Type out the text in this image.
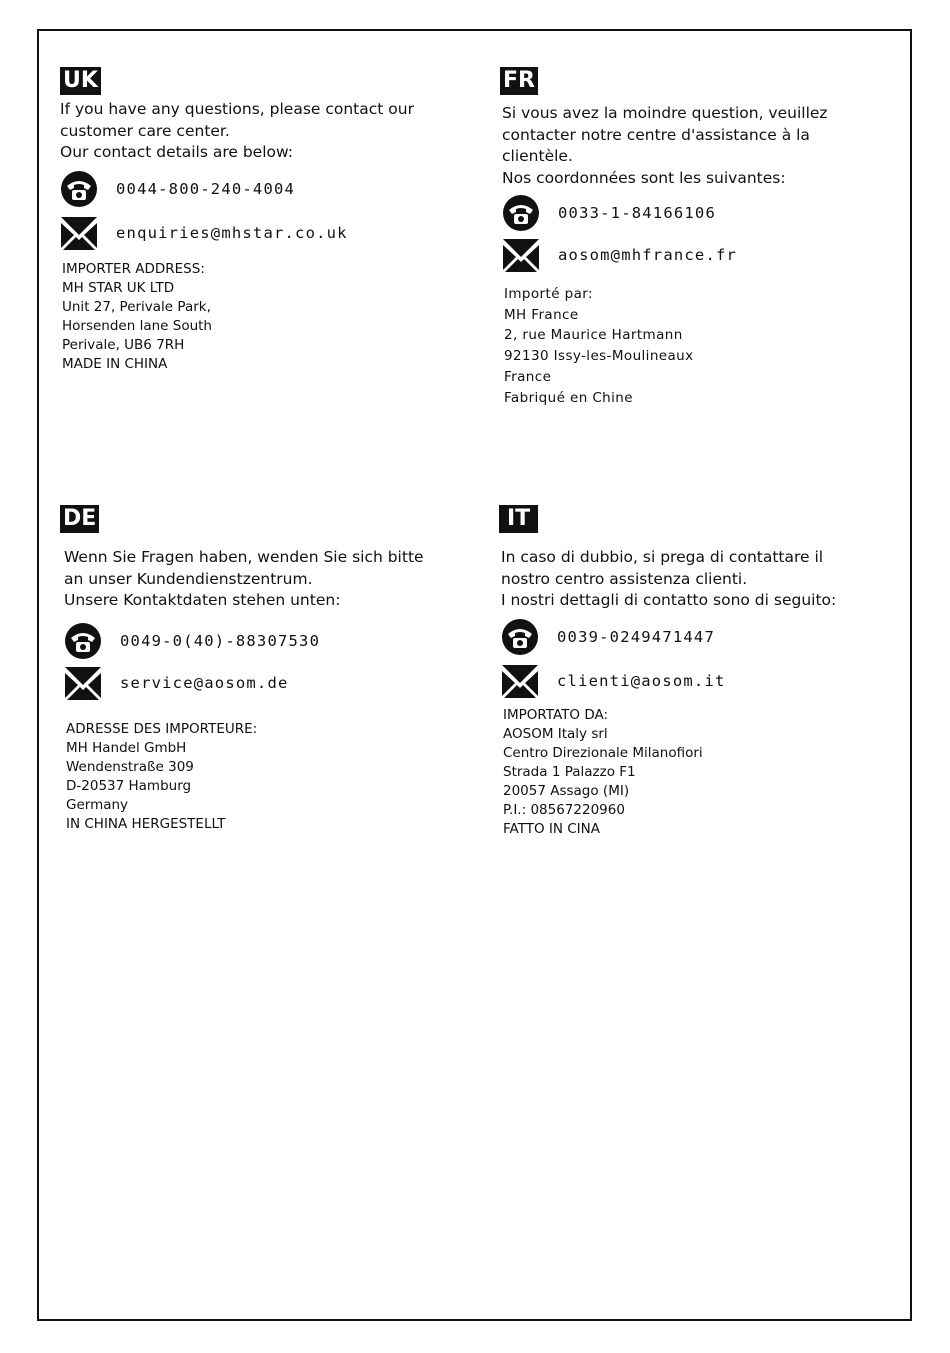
UK

If you have any questions, please contact our
customer care center.
Our contact details are below:

0044-800-240-4004
enquiries@mhstar.co.uk

IMPORTER ADDRESS:
MH STAR UK LTD
Unit 27, Perivale Park,
Horsenden lane South
Perivale, UB6 7RH
MADE IN CHINA

FR

Si vous avez la moindre question, veuillez
contacter notre centre d'assistance à la
clientèle.
Nos coordonnées sont les suivantes:

0033-1-84166106
aosom@mhfrance.fr

Importé par:
MH France
2, rue Maurice Hartmann
92130 Issy-les-Moulineaux
France
Fabriqué en Chine

DE

Wenn Sie Fragen haben, wenden Sie sich bitte
an unser Kundendienstzentrum.
Unsere Kontaktdaten stehen unten:

0049-0(40)-88307530
service@aosom.de

ADRESSE DES IMPORTEURE:
MH Handel GmbH
Wendenstraße 309
D-20537 Hamburg
Germany
IN CHINA HERGESTELLT

IT

In caso di dubbio, si prega di contattare il
nostro centro assistenza clienti.
I nostri dettagli di contatto sono di seguito:

0039-0249471447
clienti@aosom.it

IMPORTATO DA:
AOSOM Italy srl
Centro Direzionale Milanofiori
Strada 1 Palazzo F1
20057 Assago (MI)
P.I.: 08567220960
FATTO IN CINA
